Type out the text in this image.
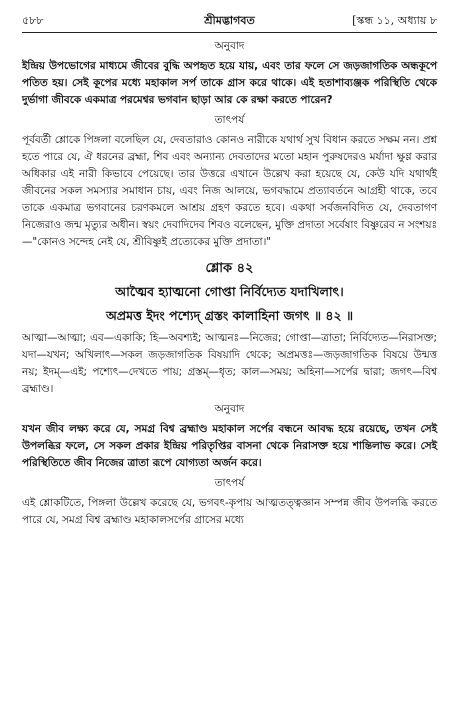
৫৮৮	শ্রীমদ্ভাগবত	[স্কন্ধ ১১, অধ্যায় ৮
অনুবাদ

ইন্দ্রিয় উপভোগের মাধ্যমে জীবের বুদ্ধি অপহৃত হয়ে যায়, এবং তার ফলে সে জড়জাগতিক অন্ধকূপে পতিত হয়। সেই কূপের মধ্যে মহাকাল সর্প তাকে গ্রাস করে থাকে। এই হতাশাব্যঞ্জক পরিস্থিতি থেকে দুর্ভাগা জীবকে একমাত্র পরমেশ্বর ভগবান ছাড়া আর কে রক্ষা করতে পারেন?

তাৎপর্য

পূর্ববর্তী শ্লোকে পিঙ্গলা বলেছিল যে, দেবতারাও কোনও নারীকে যথার্থ সুখ বিধান করতে সক্ষম নন। প্রশ্ন হতে পারে যে, ঐ ধরনের ব্রহ্মা, শিব এবং অন্যান্য দেবতাদের মতো মহান পুরুষদেরও মর্যাদা ক্ষুণ্ণ করার অধিকার এই নারী কিভাবে পেয়েছে। তার উত্তরে এখানে উল্লেখ করা হয়েছে যে, কেউ যদি যথার্থই জীবনের সকল সমস্যার সমাধান চায়, এবং নিজ আলয়ে, ভগবদ্ধামে প্রত্যাবর্তনে আগ্রহী থাকে, তবে তাকে একমাত্র ভগবানের চরণকমলে আশ্রয় গ্রহণ করতে হবে। একথা সর্বজনবিদিত যে, দেবতাগণ নিজেরাও জন্ম মৃত্যুর অধীন। স্বয়ং দেবাদিদেব শিবও বলেছেন, মুক্তি প্রদাতা সর্বেষাং বিষ্ণুরেব ন সংশয়ঃ—"কোনও সন্দেহ নেই যে, শ্রীবিষ্ণুই প্রত্যেকের মুক্তি প্রদাতা।"

শ্লোক ৪২
আত্মৈব হ্যাত্মনো গোপ্তা নির্বিদ্যেত যদাখিলাৎ।
অপ্রমত্ত ইদং পশ্যেদ্ গ্রস্তং কালাহিনা জগৎ ॥ ৪২ ॥

আত্মা—আত্মা; এব—একাকি; হি—অবশ্যই; আত্মনঃ—নিজের; গোপ্তা—ত্রাতা; নির্বিদ্যেত—নিরাসক্ত; যদা—যখন; অখিলাৎ—সকল জড়জাগতিক বিষয়াদি থেকে; অপ্রমত্তঃ—জড়জাগতিক বিষয়ে উন্মত্ত নয়; ইদম্—এই; পশ্যেৎ—দেখতে পায়; গ্রস্তম্—ধৃত; কাল—সময়; অহিনা—সর্পের দ্বারা; জগৎ—বিশ্ব ব্রহ্মাণ্ড।

অনুবাদ

যখন জীব লক্ষ্য করে যে, সমগ্র বিশ্ব ব্রহ্মাণ্ড মহাকাল সর্পের বন্ধনে আবদ্ধ হয়ে রয়েছে, তখন সেই উপলব্ধির ফলে, সে সকল প্রকার ইন্দ্রিয় পরিতৃপ্তির বাসনা থেকে নিরাসক্ত হয়ে শান্তিলাভ করে। সেই পরিস্থিতিতে জীব নিজের ত্রাতা রূপে যোগ্যতা অর্জন করে।

তাৎপর্য

এই শ্লোকটিতে, পিঙ্গলা উল্লেখ করেছে যে, ভগবৎ-কৃপায় আত্মতত্ত্বজ্ঞান সম্পন্ন জীব উপলব্ধি করতে পারে যে, সমগ্র বিশ্ব ব্রহ্মাণ্ড মহাকালসর্পের গ্রাসের মধ্যে
